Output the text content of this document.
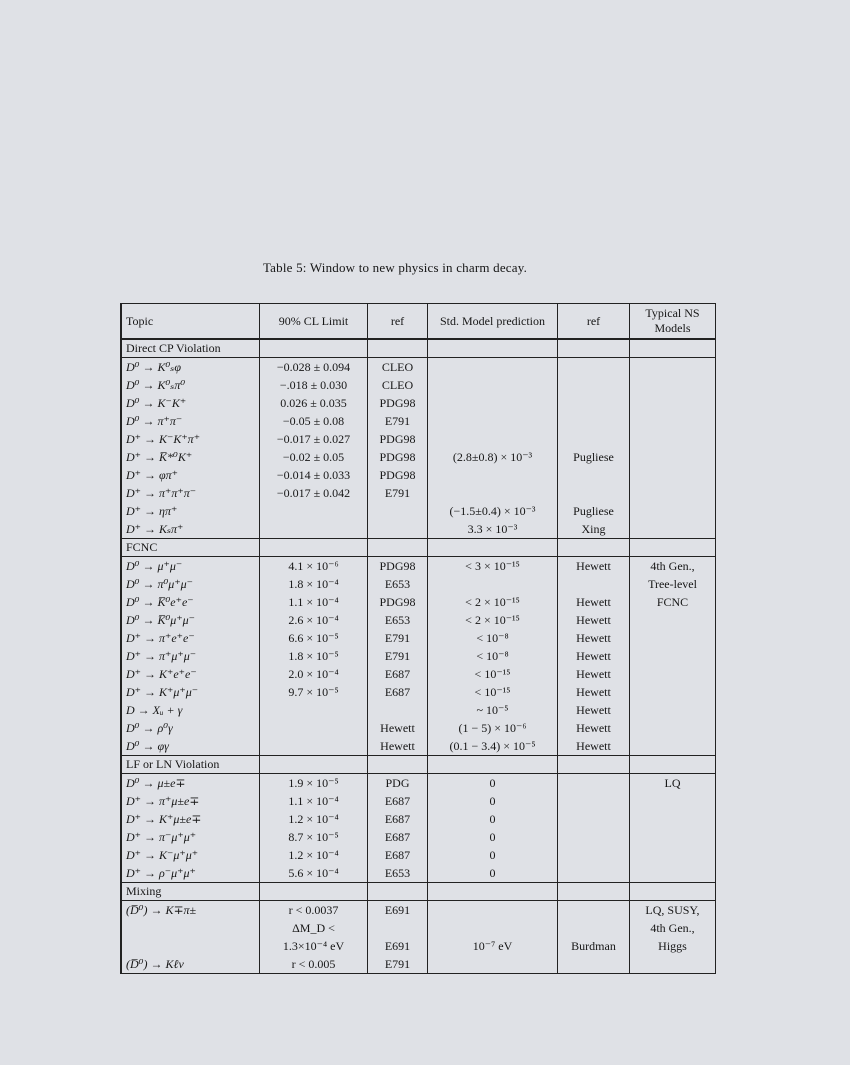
Table 5: Window to new physics in charm decay.
Topic	90% CL Limit	ref	Std. Model prediction	ref	Typical NS Models
Direct CP Violation					
D⁰ → K⁰ₛφ	−0.028 ± 0.094	CLEO			
D⁰ → K⁰ₛπ⁰	−.018 ± 0.030	CLEO			
D⁰ → K⁻K⁺	0.026 ± 0.035	PDG98			
D⁰ → π⁺π⁻	−0.05 ± 0.08	E791			
D⁺ → K⁻K⁺π⁺	−0.017 ± 0.027	PDG98			
D⁺ → K̅*⁰K⁺	−0.02 ± 0.05	PDG98	(2.8±0.8) × 10⁻³	Pugliese	
D⁺ → φπ⁺	−0.014 ± 0.033	PDG98			
D⁺ → π⁺π⁺π⁻	−0.017 ± 0.042	E791			
D⁺ → ηπ⁺			(−1.5±0.4) × 10⁻³	Pugliese	
D⁺ → Kₛπ⁺			3.3 × 10⁻³	Xing	
FCNC					
D⁰ → μ⁺μ⁻	4.1 × 10⁻⁶	PDG98	< 3 × 10⁻¹⁵	Hewett	4th Gen.,
D⁰ → π⁰μ⁺μ⁻	1.8 × 10⁻⁴	E653			Tree-level
D⁰ → K̅⁰e⁺e⁻	1.1 × 10⁻⁴	PDG98	< 2 × 10⁻¹⁵	Hewett	FCNC
D⁰ → K̅⁰μ⁺μ⁻	2.6 × 10⁻⁴	E653	< 2 × 10⁻¹⁵	Hewett	
D⁺ → π⁺e⁺e⁻	6.6 × 10⁻⁵	E791	< 10⁻⁸	Hewett	
D⁺ → π⁺μ⁺μ⁻	1.8 × 10⁻⁵	E791	< 10⁻⁸	Hewett	
D⁺ → K⁺e⁺e⁻	2.0 × 10⁻⁴	E687	< 10⁻¹⁵	Hewett	
D⁺ → K⁺μ⁺μ⁻	9.7 × 10⁻⁵	E687	< 10⁻¹⁵	Hewett	
D → Xᵤ + γ			~ 10⁻⁵	Hewett	
D⁰ → ρ⁰γ		Hewett	(1 − 5) × 10⁻⁶	Hewett	
D⁰ → φγ		Hewett	(0.1 − 3.4) × 10⁻⁵	Hewett	
LF or LN Violation					
D⁰ → μ±e∓	1.9 × 10⁻⁵	PDG	0		LQ
D⁺ → π⁺μ±e∓	1.1 × 10⁻⁴	E687	0		
D⁺ → K⁺μ±e∓	1.2 × 10⁻⁴	E687	0		
D⁺ → π⁻μ⁺μ⁺	8.7 × 10⁻⁵	E687	0		
D⁺ → K⁻μ⁺μ⁺	1.2 × 10⁻⁴	E687	0		
D⁺ → ρ⁻μ⁺μ⁺	5.6 × 10⁻⁴	E653	0		
Mixing					
(D̅⁰) → K∓π±	r < 0.0037	E691			LQ, SUSY,
	ΔM_D <				4th Gen.,
	1.3×10⁻⁴ eV	E691	10⁻⁷ eV	Burdman	Higgs
(D̅⁰) → Kℓν	r < 0.005	E791			
